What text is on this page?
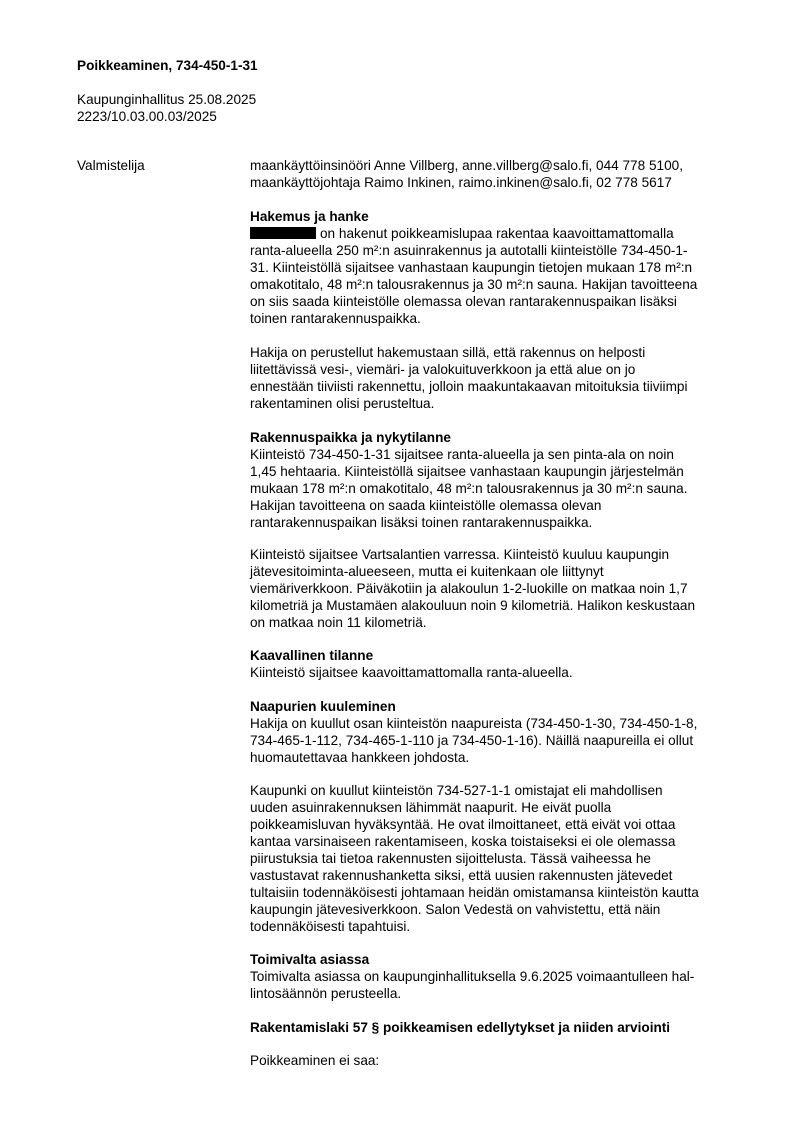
Poikkeaminen, 734-450-1-31
Kaupunginhallitus 25.08.2025
2223/10.03.00.03/2025
Valmistelija	maankäyttöinsinööri Anne Villberg, anne.villberg@salo.fi, 044 778 5100,
maankäyttöjohtaja Raimo Inkinen, raimo.inkinen@salo.fi, 02 778 5617
Hakemus ja hanke
on hakenut poikkeamislupaa rakentaa kaavoittamattomalla
ranta-alueella 250 m²:n asuinrakennus ja autotalli kiinteistölle 734-450-1-
31. Kiinteistöllä sijaitsee vanhastaan kaupungin tietojen mukaan 178 m²:n
omakotitalo, 48 m²:n talousrakennus ja 30 m²:n sauna. Hakijan tavoitteena
on siis saada kiinteistölle olemassa olevan rantarakennuspaikan lisäksi
toinen rantarakennuspaikka.
Hakija on perustellut hakemustaan sillä, että rakennus on helposti
liitettävissä vesi-, viemäri- ja valokuituverkkoon ja että alue on jo
ennestään tiiviisti rakennettu, jolloin maakuntakaavan mitoituksia tiiviimpi
rakentaminen olisi perusteltua.
Rakennuspaikka ja nykytilanne
Kiinteistö 734-450-1-31 sijaitsee ranta-alueella ja sen pinta-ala on noin
1,45 hehtaaria. Kiinteistöllä sijaitsee vanhastaan kaupungin järjestelmän
mukaan 178 m²:n omakotitalo, 48 m²:n talousrakennus ja 30 m²:n sauna.
Hakijan tavoitteena on saada kiinteistölle olemassa olevan
rantarakennuspaikan lisäksi toinen rantarakennuspaikka.
Kiinteistö sijaitsee Vartsalantien varressa. Kiinteistö kuuluu kaupungin
jätevesitoiminta-alueeseen, mutta ei kuitenkaan ole liittynyt
viemäriverkkoon. Päiväkotiin ja alakoulun 1-2-luokille on matkaa noin 1,7
kilometriä ja Mustamäen alakouluun noin 9 kilometriä. Halikon keskustaan
on matkaa noin 11 kilometriä.
Kaavallinen tilanne
Kiinteistö sijaitsee kaavoittamattomalla ranta-alueella.
Naapurien kuuleminen
Hakija on kuullut osan kiinteistön naapureista (734-450-1-30, 734-450-1-8,
734-465-1-112, 734-465-1-110 ja 734-450-1-16). Näillä naapureilla ei ollut
huomautettavaa hankkeen johdosta.
Kaupunki on kuullut kiinteistön 734-527-1-1 omistajat eli mahdollisen
uuden asuinrakennuksen lähimmät naapurit. He eivät puolla
poikkeamisluvan hyväksyntää. He ovat ilmoittaneet, että eivät voi ottaa
kantaa varsinaiseen rakentamiseen, koska toistaiseksi ei ole olemassa
piirustuksia tai tietoa rakennusten sijoittelusta. Tässä vaiheessa he
vastustavat rakennushanketta siksi, että uusien rakennusten jätevedet
tultaisiin todennäköisesti johtamaan heidän omistamansa kiinteistön kautta
kaupungin jätevesiverkkoon. Salon Vedestä on vahvistettu, että näin
todennäköisesti tapahtuisi.
Toimivalta asiassa
Toimivalta asiassa on kaupunginhallituksella 9.6.2025 voimaantulleen hal-
lintosäännön perusteella.
Rakentamislaki 57 § poikkeamisen edellytykset ja niiden arviointi
Poikkeaminen ei saa:
